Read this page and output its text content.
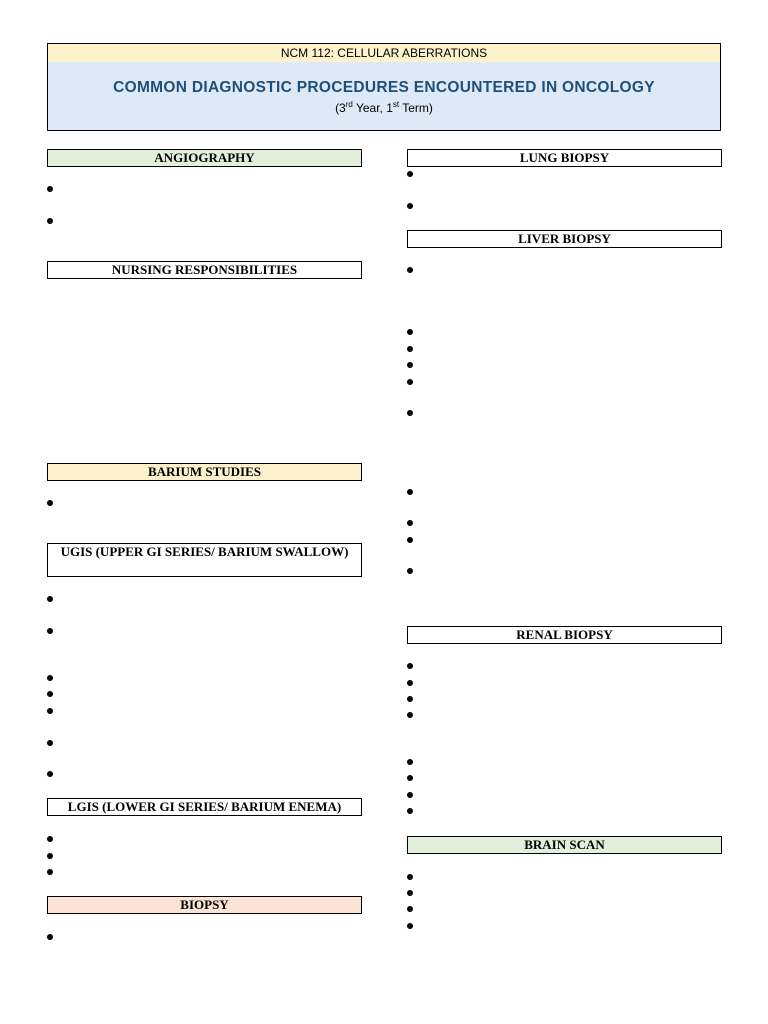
NCM 112: CELLULAR ABERRATIONS
COMMON DIAGNOSTIC PROCEDURES ENCOUNTERED IN ONCOLOGY
(3rd Year, 1st Term)
ANGIOGRAPHY
NURSING RESPONSIBILITIES
BARIUM STUDIES
UGIS (UPPER GI SERIES/ BARIUM SWALLOW)
LGIS (LOWER GI SERIES/ BARIUM ENEMA)
BIOPSY
LUNG BIOPSY
LIVER BIOPSY
RENAL BIOPSY
BRAIN SCAN
